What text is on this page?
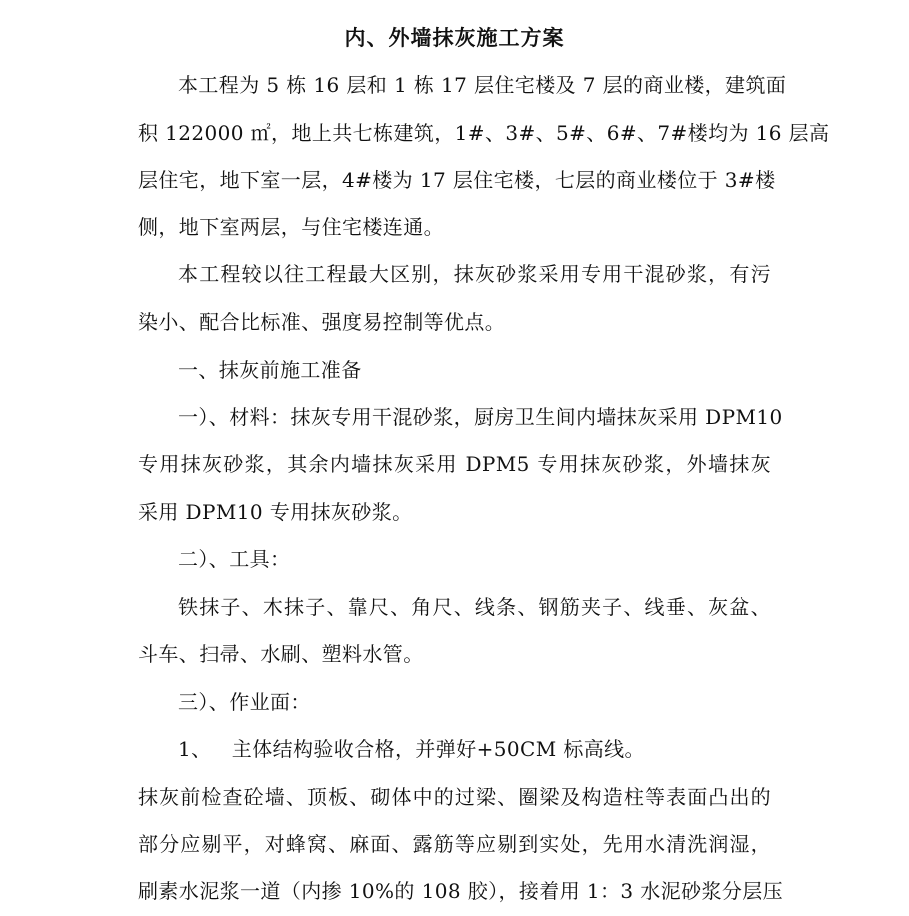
内、外墙抹灰施工方案
本工程为 5 栋 16 层和 1 栋 17 层住宅楼及 7 层的商业楼，建筑面
积 122000 ㎡，地上共七栋建筑，1#、3#、5#、6#、7#楼均为 16 层高
层住宅，地下室一层，4#楼为 17 层住宅楼，七层的商业楼位于 3#楼
侧，地下室两层，与住宅楼连通。
本工程较以往工程最大区别，抹灰砂浆采用专用干混砂浆，有污
染小、配合比标准、强度易控制等优点。
一、抹灰前施工准备
一）、材料：抹灰专用干混砂浆，厨房卫生间内墙抹灰采用 DPM10
专用抹灰砂浆，其余内墙抹灰采用 DPM5 专用抹灰砂浆，外墙抹灰
采用 DPM10 专用抹灰砂浆。
二）、工具：
铁抹子、木抹子、靠尺、角尺、线条、钢筋夹子、线垂、灰盆、
斗车、扫帚、水刷、塑料水管。
三）、作业面：
1、   主体结构验收合格，并弹好+50CM 标高线。
抹灰前检查砼墙、顶板、砌体中的过梁、圈梁及构造柱等表面凸出的
部分应剔平，对蜂窝、麻面、露筋等应剔到实处，先用水清洗润湿，
刷素水泥浆一道（内掺 10%的 108 胶），接着用 1：3 水泥砂浆分层压
